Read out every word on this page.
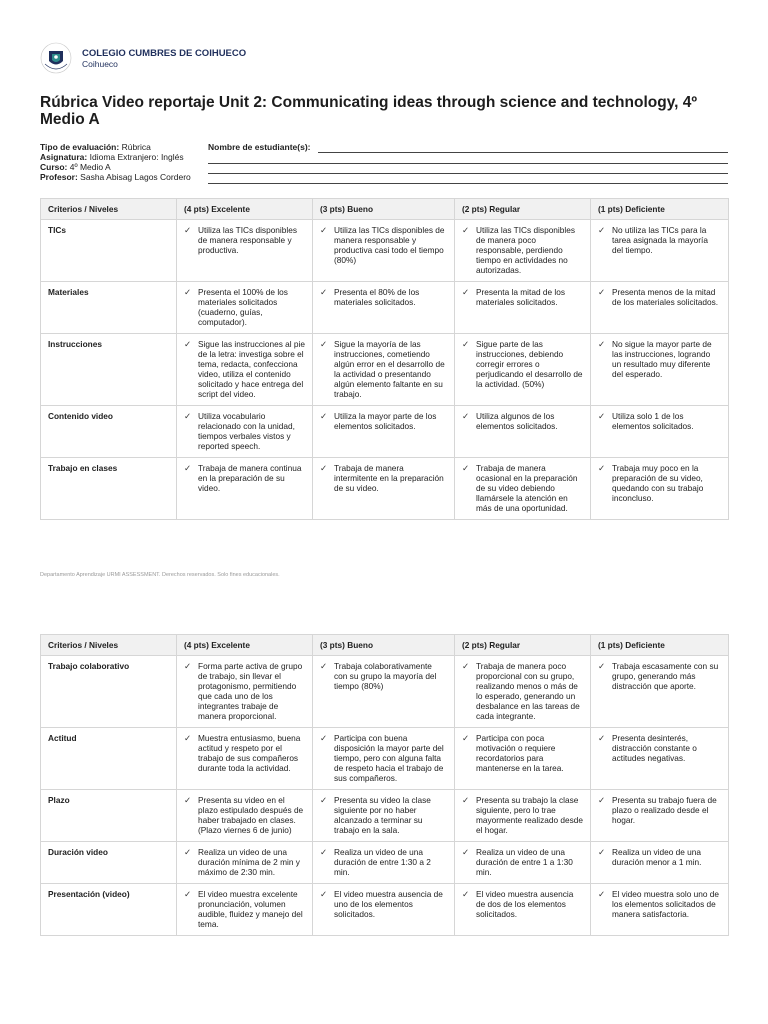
COLEGIO CUMBRES DE COIHUECO
Coihueco
Rúbrica Video reportaje Unit 2: Communicating ideas through science and technology, 4º Medio A
Tipo de evaluación: Rúbrica
Asignatura: Idioma Extranjero: Inglés
Curso: 4º Medio A
Profesor: Sasha Abisag Lagos Cordero
Nombre de estudiante(s):
Criterios / Niveles	(4 pts) Excelente	(3 pts) Bueno	(2 pts) Regular	(1 pts) Deficiente
TICs	✓ Utiliza las TICs disponibles de manera responsable y productiva.	✓ Utiliza las TICs disponibles de manera responsable y productiva casi todo el tiempo (80%)	✓ Utiliza las TICs disponibles de manera poco responsable, perdiendo tiempo en actividades no autorizadas.	✓ No utiliza las TICs para la tarea asignada la mayoría del tiempo.

Materiales	✓ Presenta el 100% de los materiales solicitados (cuaderno, guías, computador).	✓ Presenta el 80% de los materiales solicitados.	✓ Presenta la mitad de los materiales solicitados.	✓ Presenta menos de la mitad de los materiales solicitados.

Instrucciones	✓ Sigue las instrucciones al pie de la letra: investiga sobre el tema, redacta, confecciona video, utiliza el contenido solicitado y hace entrega del script del video.	✓ Sigue la mayoría de las instrucciones, cometiendo algún error en el desarrollo de la actividad o presentando algún elemento faltante en su trabajo.	✓ Sigue parte de las instrucciones, debiendo corregir errores o perjudicando el desarrollo de la actividad. (50%)	✓ No sigue la mayor parte de las instrucciones, logrando un resultado muy diferente del esperado.

Contenido video	✓ Utiliza vocabulario relacionado con la unidad, tiempos verbales vistos y reported speech.	✓ Utiliza la mayor parte de los elementos solicitados.	✓ Utiliza algunos de los elementos solicitados.	✓ Utiliza solo 1 de los elementos solicitados.

Trabajo en clases	✓ Trabaja de manera continua en la preparación de su video.	✓ Trabaja de manera intermitente en la preparación de su video.	✓ Trabaja de manera ocasional en la preparación de su video debiendo llamársele la atención en más de una oportunidad.	✓ Trabaja muy poco en la preparación de su video, quedando con su trabajo inconcluso.
Departamento Aprendizaje URMI ASSESSMENT. Derechos reservados. Solo fines educacionales.
Criterios / Niveles	(4 pts) Excelente	(3 pts) Bueno	(2 pts) Regular	(1 pts) Deficiente
Trabajo colaborativo	✓ Forma parte activa de grupo de trabajo, sin llevar el protagonismo, permitiendo que cada uno de los integrantes trabaje de manera proporcional.	✓ Trabaja colaborativamente con su grupo la mayoría del tiempo (80%)	✓ Trabaja de manera poco proporcional con su grupo, realizando menos o más de lo esperado, generando un desbalance en las tareas de cada integrante.	✓ Trabaja escasamente con su grupo, generando más distracción que aporte.

Actitud	✓ Muestra entusiasmo, buena actitud y respeto por el trabajo de sus compañeros durante toda la actividad.	✓ Participa con buena disposición la mayor parte del tiempo, pero con alguna falta de respeto hacia el trabajo de sus compañeros.	✓ Participa con poca motivación o requiere recordatorios para mantenerse en la tarea.	✓ Presenta desinterés, distracción constante o actitudes negativas.

Plazo	✓ Presenta su video en el plazo estipulado después de haber trabajado en clases. (Plazo viernes 6 de junio)	✓ Presenta su video la clase siguiente por no haber alcanzado a terminar su trabajo en la sala.	✓ Presenta su trabajo la clase siguiente, pero lo trae mayormente realizado desde el hogar.	✓ Presenta su trabajo fuera de plazo o realizado desde el hogar.

Duración video	✓ Realiza un video de una duración mínima de 2 min y máximo de 2:30 min.	✓ Realiza un video de una duración de entre 1:30 a 2 min.	✓ Realiza un video de una duración de entre 1 a 1:30 min.	✓ Realiza un video de una duración menor a 1 min.

Presentación (video)	✓ El video muestra excelente pronunciación, volumen audible, fluidez y manejo del tema.	✓ El video muestra ausencia de uno de los elementos solicitados.	✓ El video muestra ausencia de dos de los elementos solicitados.	✓ El video muestra solo uno de los elementos solicitados de manera satisfactoria.
